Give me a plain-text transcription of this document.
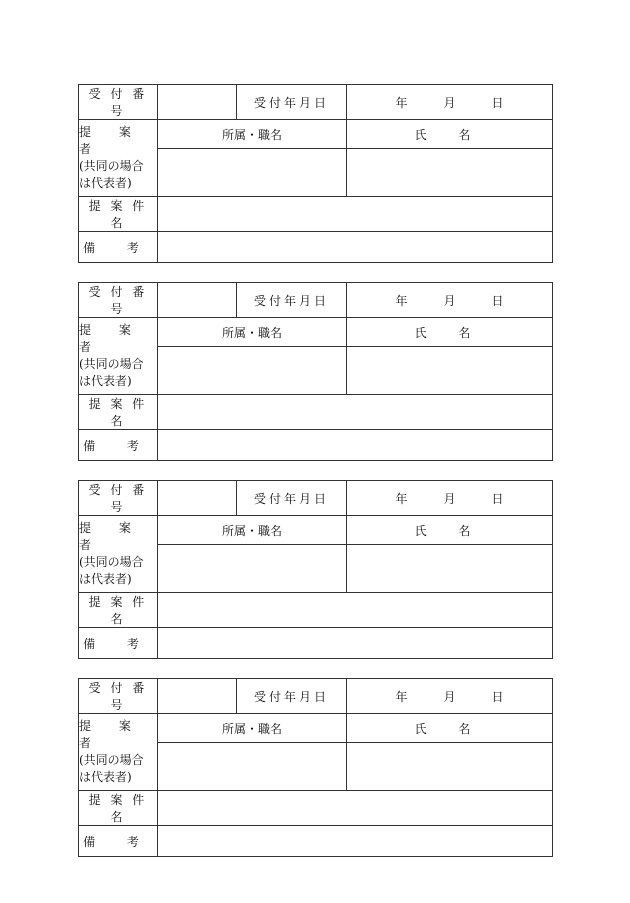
受 付 番 号		受付年月日	年 月 日

提 案 者
(共同の場合
は代表者)	所属・職名		氏 名

提 案 件 名			
備 考			
受 付 番 号		受付年月日	年 月 日

提 案 者
(共同の場合
は代表者)	所属・職名		氏 名

提 案 件 名			
備 考			
受 付 番 号		受付年月日	年 月 日

提 案 者
(共同の場合
は代表者)	所属・職名		氏 名

提 案 件 名			
備 考			
受 付 番 号		受付年月日	年 月 日

提 案 者
(共同の場合
は代表者)	所属・職名		氏 名

提 案 件 名			
備 考			
